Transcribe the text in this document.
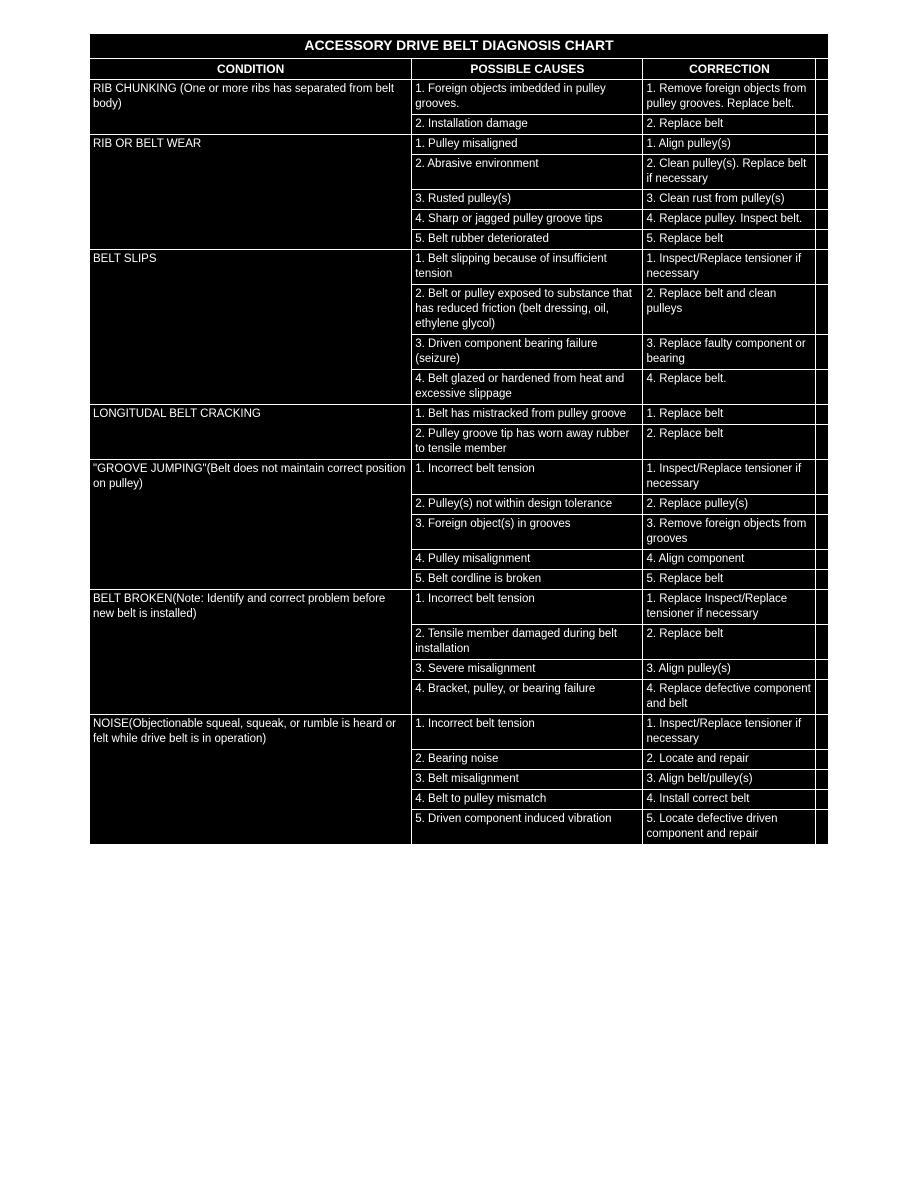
ACCESSORY DRIVE BELT DIAGNOSIS CHART
CONDITION	POSSIBLE CAUSES	CORRECTION	
RIB CHUNKING (One or more ribs has separated from belt body)	1. Foreign objects imbedded in pulley grooves.	1. Remove foreign objects from pulley grooves. Replace belt.	
	2. Installation damage	2. Replace belt	
RIB OR BELT WEAR	1. Pulley misaligned	1. Align pulley(s)	
	2. Abrasive environment	2. Clean pulley(s). Replace belt if necessary	
	3. Rusted pulley(s)	3. Clean rust from pulley(s)	
	4. Sharp or jagged pulley groove tips	4. Replace pulley. Inspect belt.	
	5. Belt rubber deteriorated	5. Replace belt	
BELT SLIPS	1. Belt slipping because of insufficient tension	1. Inspect/Replace tensioner if necessary	
	2. Belt or pulley exposed to substance that has reduced friction (belt dressing, oil, ethylene glycol)	2. Replace belt and clean pulleys	
	3. Driven component bearing failure (seizure)	3. Replace faulty component or bearing	
	4. Belt glazed or hardened from heat and excessive slippage	4. Replace belt.	
LONGITUDAL BELT CRACKING	1. Belt has mistracked from pulley groove	1. Replace belt	
	2. Pulley groove tip has worn away rubber to tensile member	2. Replace belt	
"GROOVE JUMPING"(Belt does not maintain correct position on pulley)	1. Incorrect belt tension	1. Inspect/Replace tensioner if necessary	
	2. Pulley(s) not within design tolerance	2. Replace pulley(s)	
	3. Foreign object(s) in grooves	3. Remove foreign objects from grooves	
	4. Pulley misalignment	4. Align component	
	5. Belt cordline is broken	5. Replace belt	
BELT BROKEN(Note: Identify and correct problem before new belt is installed)	1. Incorrect belt tension	1. Replace Inspect/Replace tensioner if necessary	
	2. Tensile member damaged during belt installation	2. Replace belt	
	3. Severe misalignment	3. Align pulley(s)	
	4. Bracket, pulley, or bearing failure	4. Replace defective component and belt	
NOISE(Objectionable squeal, squeak, or rumble is heard or felt while drive belt is in operation)	1. Incorrect belt tension	1. Inspect/Replace tensioner if necessary	
	2. Bearing noise	2. Locate and repair	
	3. Belt misalignment	3. Align belt/pulley(s)	
	4. Belt to pulley mismatch	4. Install correct belt	
	5. Driven component induced vibration	5. Locate defective driven component and repair	
